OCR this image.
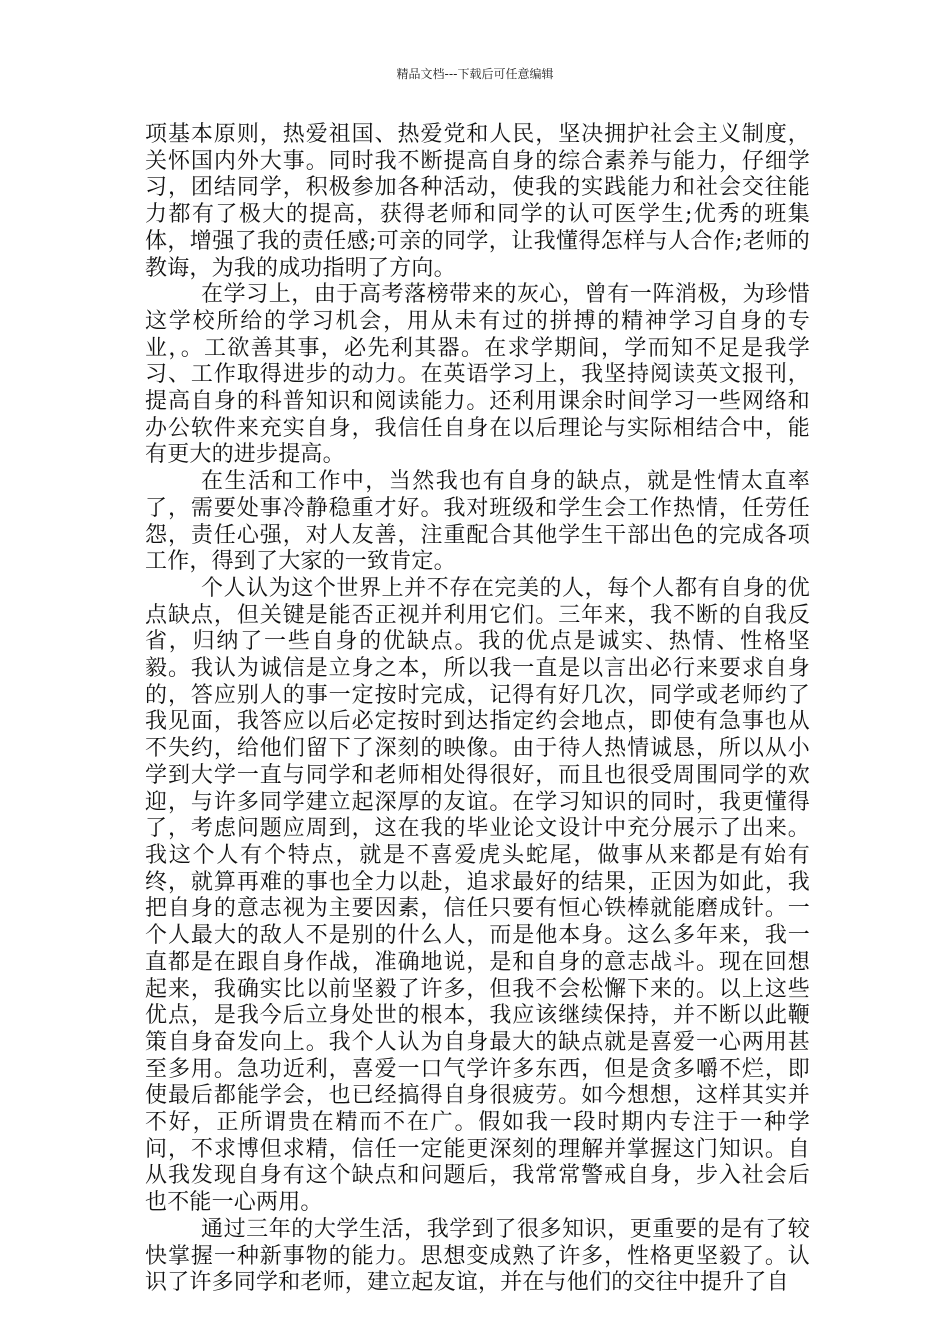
精品文档---下载后可任意编辑

项基本原则，热爱祖国、热爱党和人民，坚决拥护社会主义制度，关怀国内外大事。同时我不断提高自身的综合素养与能力，仔细学习，团结同学，积极参加各种活动，使我的实践能力和社会交往能力都有了极大的提高，获得老师和同学的认可医学生;优秀的班集体，增强了我的责任感;可亲的同学，让我懂得怎样与人合作;老师的教诲，为我的成功指明了方向。

在学习上，由于高考落榜带来的灰心，曾有一阵消极，为珍惜这学校所给的学习机会，用从未有过的拼搏的精神学习自身的专业，。工欲善其事，必先利其器。在求学期间，学而知不足是我学习、工作取得进步的动力。在英语学习上，我坚持阅读英文报刊，提高自身的科普知识和阅读能力。还利用课余时间学习一些网络和办公软件来充实自身，我信任自身在以后理论与实际相结合中，能有更大的进步提高。

在生活和工作中，当然我也有自身的缺点，就是性情太直率了，需要处事冷静稳重才好。我对班级和学生会工作热情，任劳任怨，责任心强，对人友善，注重配合其他学生干部出色的完成各项工作，得到了大家的一致肯定。

个人认为这个世界上并不存在完美的人，每个人都有自身的优点缺点，但关键是能否正视并利用它们。三年来，我不断的自我反省，归纳了一些自身的优缺点。我的优点是诚实、热情、性格坚毅。我认为诚信是立身之本，所以我一直是以言出必行来要求自身的，答应别人的事一定按时完成，记得有好几次，同学或老师约了我见面，我答应以后必定按时到达指定约会地点，即使有急事也从不失约，给他们留下了深刻的映像。由于待人热情诚恳，所以从小学到大学一直与同学和老师相处得很好，而且也很受周围同学的欢迎，与许多同学建立起深厚的友谊。在学习知识的同时，我更懂得了，考虑问题应周到，这在我的毕业论文设计中充分展示了出来。我这个人有个特点，就是不喜爱虎头蛇尾，做事从来都是有始有终，就算再难的事也全力以赴，追求最好的结果，正因为如此，我把自身的意志视为主要因素，信任只要有恒心铁棒就能磨成针。一个人最大的敌人不是别的什么人，而是他本身。这么多年来，我一直都是在跟自身作战，准确地说，是和自身的意志战斗。现在回想起来，我确实比以前坚毅了许多，但我不会松懈下来的。以上这些优点，是我今后立身处世的根本，我应该继续保持，并不断以此鞭策自身奋发向上。我个人认为自身最大的缺点就是喜爱一心两用甚至多用。急功近利，喜爱一口气学许多东西，但是贪多嚼不烂，即使最后都能学会，也已经搞得自身很疲劳。如今想想，这样其实并不好，正所谓贵在精而不在广。假如我一段时期内专注于一种学问，不求博但求精，信任一定能更深刻的理解并掌握这门知识。自从我发现自身有这个缺点和问题后，我常常警戒自身，步入社会后也不能一心两用。

通过三年的大学生活，我学到了很多知识，更重要的是有了较快掌握一种新事物的能力。思想变成熟了许多，性格更坚毅了。认识了许多同学和老师，建立起友谊，并在与他们的交往中提升了自
